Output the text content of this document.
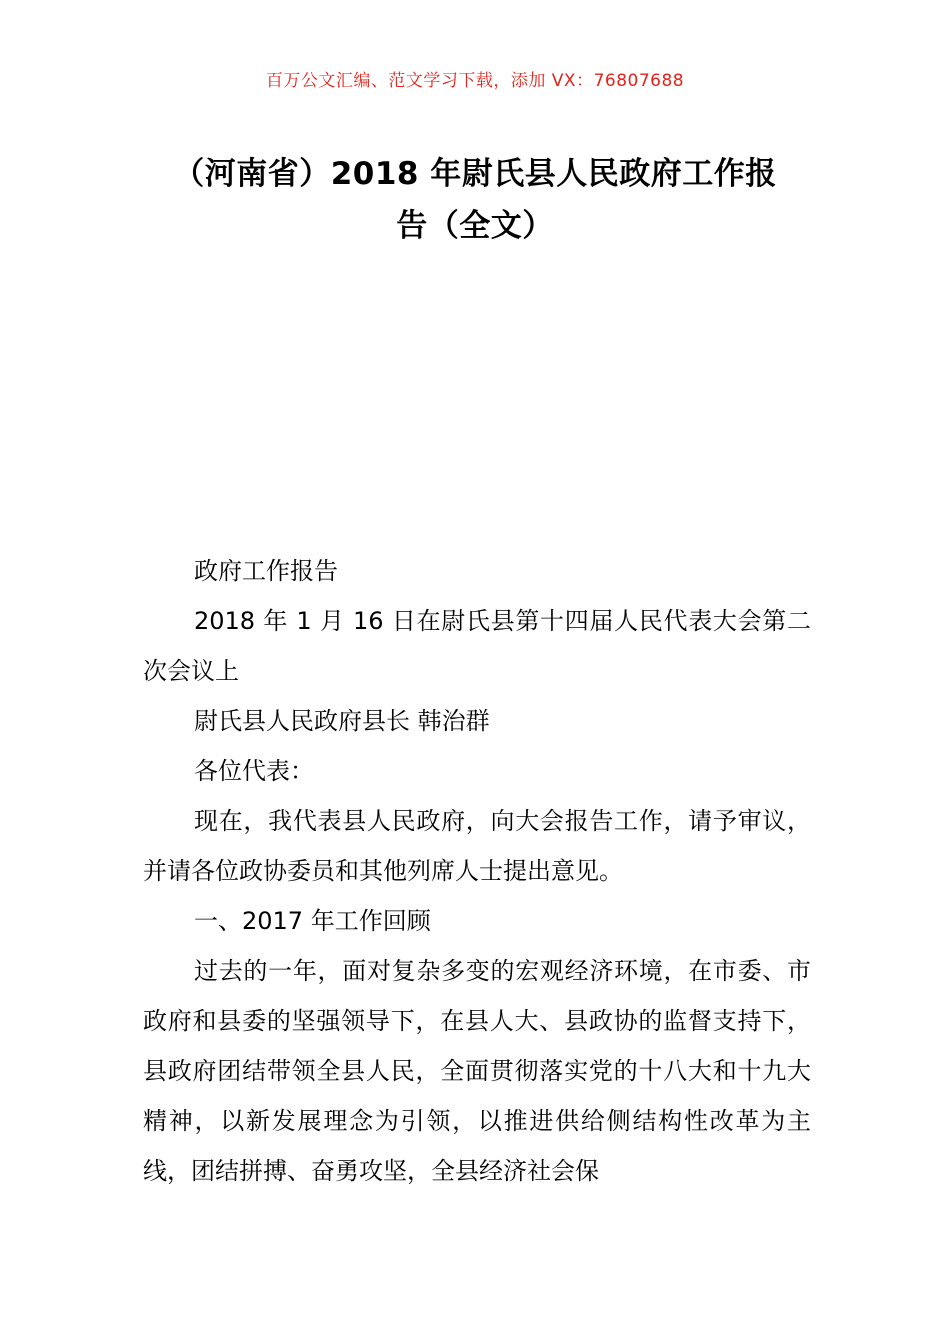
百万公文汇编、范文学习下载，添加 VX：76807688
（河南省）2018 年尉氏县人民政府工作报
告（全文）

政府工作报告

2018 年 1 月 16 日在尉氏县第十四届人民代表大会第二次会议上

尉氏县人民政府县长 韩治群

各位代表：

现在，我代表县人民政府，向大会报告工作，请予审议，并请各位政协委员和其他列席人士提出意见。

一、2017 年工作回顾

过去的一年，面对复杂多变的宏观经济环境，在市委、市政府和县委的坚强领导下，在县人大、县政协的监督支持下，县政府团结带领全县人民，全面贯彻落实党的十八大和十九大精神，以新发展理念为引领，以推进供给侧结构性改革为主线，团结拼搏、奋勇攻坚，全县经济社会保
